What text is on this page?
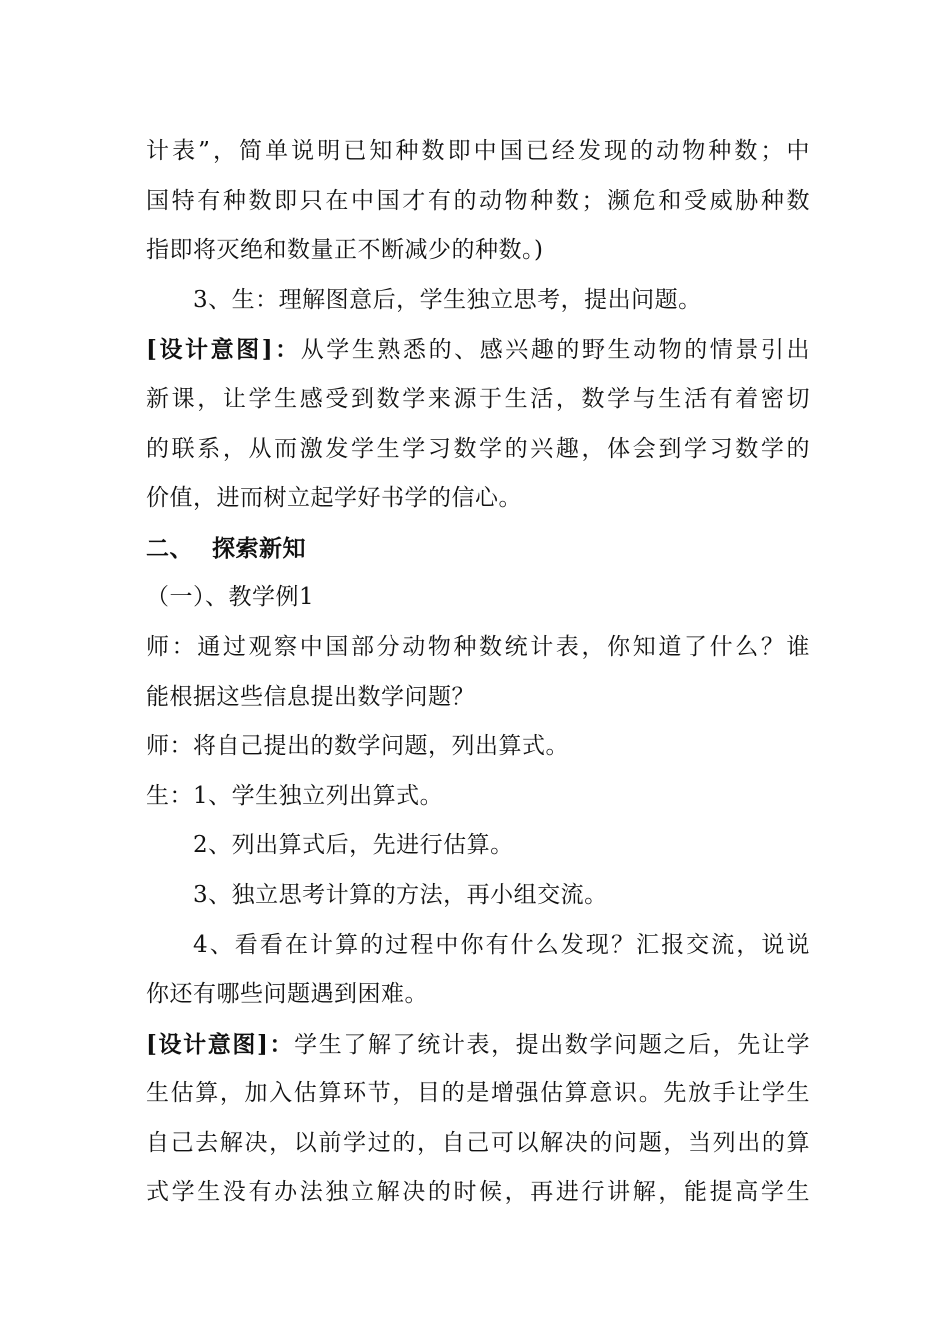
计表”，简单说明已知种数即中国已经发现的动物种数；中
国特有种数即只在中国才有的动物种数；濒危和受威胁种数
指即将灭绝和数量正不断减少的种数。)
3、生：理解图意后，学生独立思考，提出问题。
[设计意图]：从学生熟悉的、感兴趣的野生动物的情景引出
新课，让学生感受到数学来源于生活，数学与生活有着密切
的联系，从而激发学生学习数学的兴趣，体会到学习数学的
价值，进而树立起学好书学的信心。
二、 探索新知
（一）、教学例1
师：通过观察中国部分动物种数统计表，你知道了什么？谁
能根据这些信息提出数学问题？
师：将自己提出的数学问题，列出算式。
生：1、学生独立列出算式。
2、列出算式后，先进行估算。
3、独立思考计算的方法，再小组交流。
4、看看在计算的过程中你有什么发现？汇报交流，说说
你还有哪些问题遇到困难。
[设计意图]：学生了解了统计表，提出数学问题之后，先让学
生估算，加入估算环节，目的是增强估算意识。先放手让学生
自己去解决，以前学过的，自己可以解决的问题，当列出的算
式学生没有办法独立解决的时候，再进行讲解，能提高学生
